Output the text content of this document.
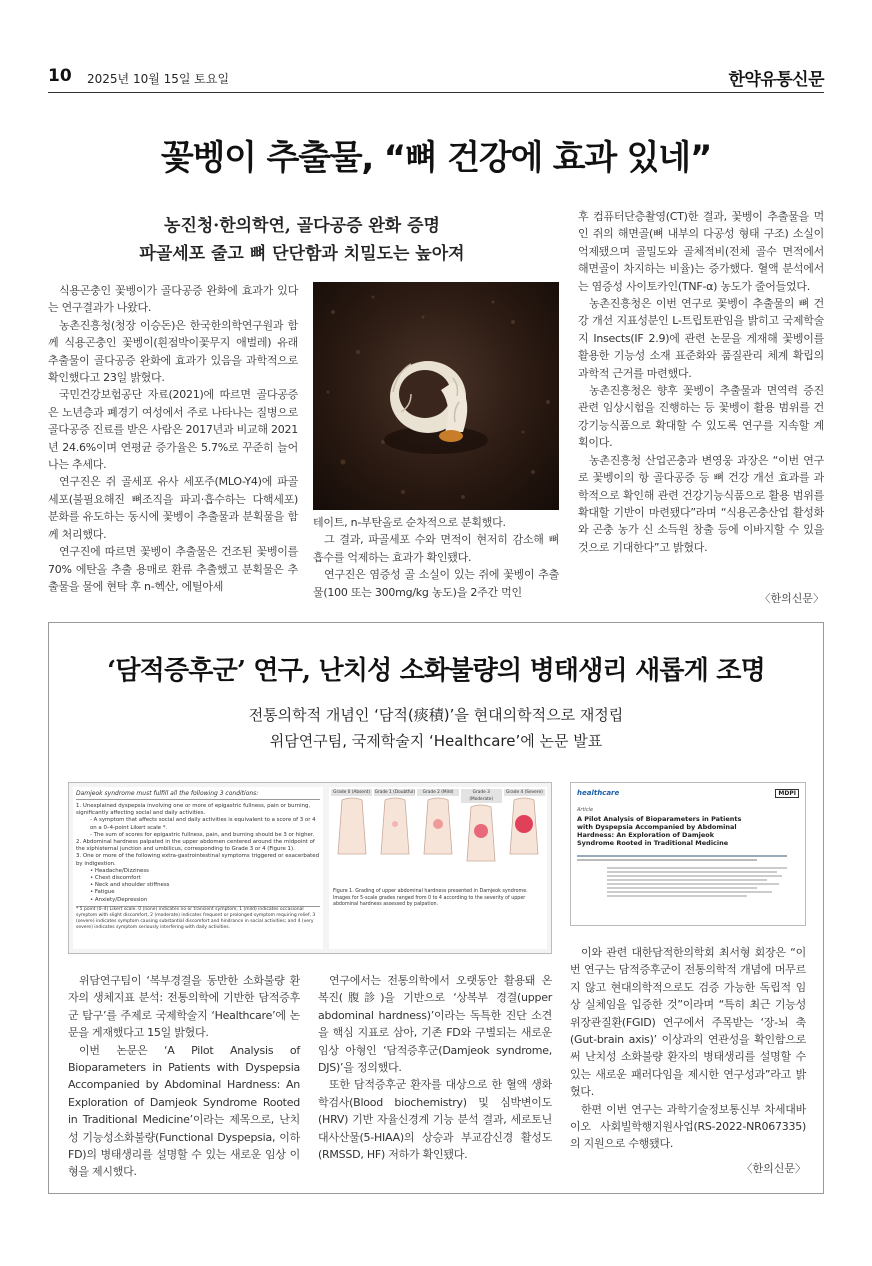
10 2025년 10월 15일 토요일	한약유통신문
꽃벵이 추출물, “뼈 건강에 효과 있네”
농진청·한의학연, 골다공증 완화 증명
파골세포 줄고 뼈 단단함과 치밀도는 높아져

식용곤충인 꽃벵이가 골다공증 완화에 효과가 있다는 연구결과가 나왔다.

농촌진흥청(청장 이승돈)은 한국한의학연구원과 함께 식용곤충인 꽃벵이(흰점박이꽃무지 애벌레) 유래 추출물이 골다공증 완화에 효과가 있음을 과학적으로 확인했다고 23일 밝혔다.

국민건강보험공단 자료(2021)에 따르면 골다공증은 노년층과 폐경기 여성에서 주로 나타나는 질병으로 골다공증 진료를 받은 사람은 2017년과 비교해 2021년 24.6%이며 연평균 증가율은 5.7%로 꾸준히 늘어나는 추세다.

연구진은 쥐 골세포 유사 세포주(MLO-Y4)에 파골세포(불필요해진 뼈조직을 파괴·흡수하는 다핵세포) 분화를 유도하는 동시에 꽃벵이 추출물과 분획물을 함께 처리했다.

연구진에 따르면 꽃벵이 추출물은 건조된 꽃벵이를 70% 에탄올 추출 용매로 환류 추출했고 분획물은 추출물을 물에 현탁 후 n-헥산, 에틸아세

테이트, n-부탄올로 순차적으로 분획했다.

그 결과, 파골세포 수와 면적이 현저히 감소해 뼈 흡수를 억제하는 효과가 확인됐다.

연구진은 염증성 골 소실이 있는 쥐에 꽃벵이 추출물(100 또는 300mg/kg 농도)을 2주간 먹인

후 컴퓨터단층촬영(CT)한 결과, 꽃벵이 추출물을 먹인 쥐의 해면골(뼈 내부의 다공성 형태 구조) 소실이 억제됐으며 골밀도와 골체적비(전체 골수 면적에서 해면골이 차지하는 비율)는 증가했다. 혈액 분석에서는 염증성 사이토카인(TNF-α) 농도가 줄어들었다.

농촌진흥청은 이번 연구로 꽃벵이 추출물의 뼈 건강 개선 지표성분인 L-트립토판임을 밝히고 국제학술지 Insects(IF 2.9)에 관련 논문을 게재해 꽃벵이를 활용한 기능성 소재 표준화와 품질관리 체계 확립의 과학적 근거를 마련했다.

농촌진흥청은 향후 꽃벵이 추출물과 면역력 증진 관련 임상시험을 진행하는 등 꽃벵이 활용 범위를 건강기능식품으로 확대할 수 있도록 연구를 지속할 계획이다.

농촌진흥청 산업곤충과 변영웅 과장은 “이번 연구로 꽃벵이의 항 골다공증 등 뼈 건강 개선 효과를 과학적으로 확인해 관련 건강기능식품으로 활용 범위를 확대할 기반이 마련됐다”라며 “식용곤충산업 활성화와 곤충 농가 신 소득원 창출 등에 이바지할 수 있을 것으로 기대한다”고 밝혔다.

〈한의신문〉
‘담적증후군’ 연구, 난치성 소화불량의 병태생리 새롭게 조명
전통의학적 개념인 ‘담적(痰積)’을 현대의학적으로 재정립
위담연구팀, 국제학술지 ‘Healthcare’에 논문 발표
Damjeok syndrome must fulfill all the following 3 conditions:
1. Unexplained dyspepsia involving one or more of epigastric fullness, pain or burning, significantly affecting social and daily activities.
- A symptom that affects social and daily activities is equivalent to a score of 3 or 4 on a 0–4-point Likert scale *.
- The sum of scores for epigastric fullness, pain, and burning should be 3 or higher.
2. Abdominal hardness palpated in the upper abdomen centered around the midpoint of the xiphisternal junction and umbilicus, corresponding to Grade 3 or 4 (Figure 1).
3. One or more of the following extra-gastrointestinal symptoms triggered or exacerbated by indigestion.
• Headache/Dizziness
• Chest discomfort
• Neck and shoulder stiffness
• Fatigue
• Anxiety/Depression
* 5 point (0–4) Likert scale. 0 (none) indicates no or transient symptom, 1 (mild) indicates occasional symptom with slight discomfort, 2 (moderate) indicates frequent or prolonged symptom requiring relief, 3 (severe) indicates symptom causing substantial discomfort and hindrance in social activities; and 4 (very severe) indicates symptom seriously interfering with daily activities.
Grade 0 (Absent)	Grade 1 (Doubtful)	Grade 2 (Mild)	Grade 3 (Moderate)
Grade 4 (Severe)
Figure 1. Grading of upper abdominal hardness presented in Damjeok syndrome. Images for 5-scale grades ranged from 0 to 4 according to the severity of upper abdominal hardness assessed by palpation.
healthcare	MDPI
Article
A Pilot Analysis of Bioparameters in Patients with Dyspepsia Accompanied by Abdominal Hardness: An Exploration of Damjeok Syndrome Rooted in Traditional Medicine

위담연구팀이 ‘복부경결을 동반한 소화불량 환자의 생체지표 분석: 전통의학에 기반한 담적증후군 탐구’를 주제로 국제학술지 ‘Healthcare’에 논문을 게재했다고 15일 밝혔다.

이번 논문은 ‘A Pilot Analysis of Bioparameters in Patients with Dyspepsia Accompanied by Abdominal Hardness: An Exploration of Damjeok Syndrome Rooted in Traditional Medicine’이라는 제목으로, 난치성 기능성소화불량(Functional Dyspepsia, 이하 FD)의 병태생리를 설명할 수 있는 새로운 임상 이형을 제시했다.

연구에서는 전통의학에서 오랫동안 활용돼 온 복진(腹診)을 기반으로 ‘상복부 경결(upper abdominal hardness)’이라는 독특한 진단 소견을 핵심 지표로 삼아, 기존 FD와 구별되는 새로운 임상 아형인 ‘담적증후군(Damjeok syndrome, DJS)’을 정의했다.

또한 담적증후군 환자를 대상으로 한 혈액 생화학검사(Blood biochemistry) 및 심박변이도(HRV) 기반 자율신경계 기능 분석 결과, 세로토닌 대사산물(5-HIAA)의 상승과 부교감신경 활성도(RMSSD, HF) 저하가 확인됐다.

이와 관련 대한담적한의학회 최서형 회장은 “이번 연구는 담적증후군이 전통의학적 개념에 머무르지 않고 현대의학적으로도 검증 가능한 독립적 임상 실체임을 입증한 것”이라며 “특히 최근 기능성위장관질환(FGID) 연구에서 주목받는 ‘장-뇌 축(Gut-brain axis)’ 이상과의 연관성을 확인함으로써 난치성 소화불량 환자의 병태생리를 설명할 수 있는 새로운 패러다임을 제시한 연구성과”라고 밝혔다.

한편 이번 연구는 과학기술정보통신부 차세대바이오 사회빌학행지원사업(RS-2022-NR067335)의 지원으로 수행됐다.

〈한의신문〉
